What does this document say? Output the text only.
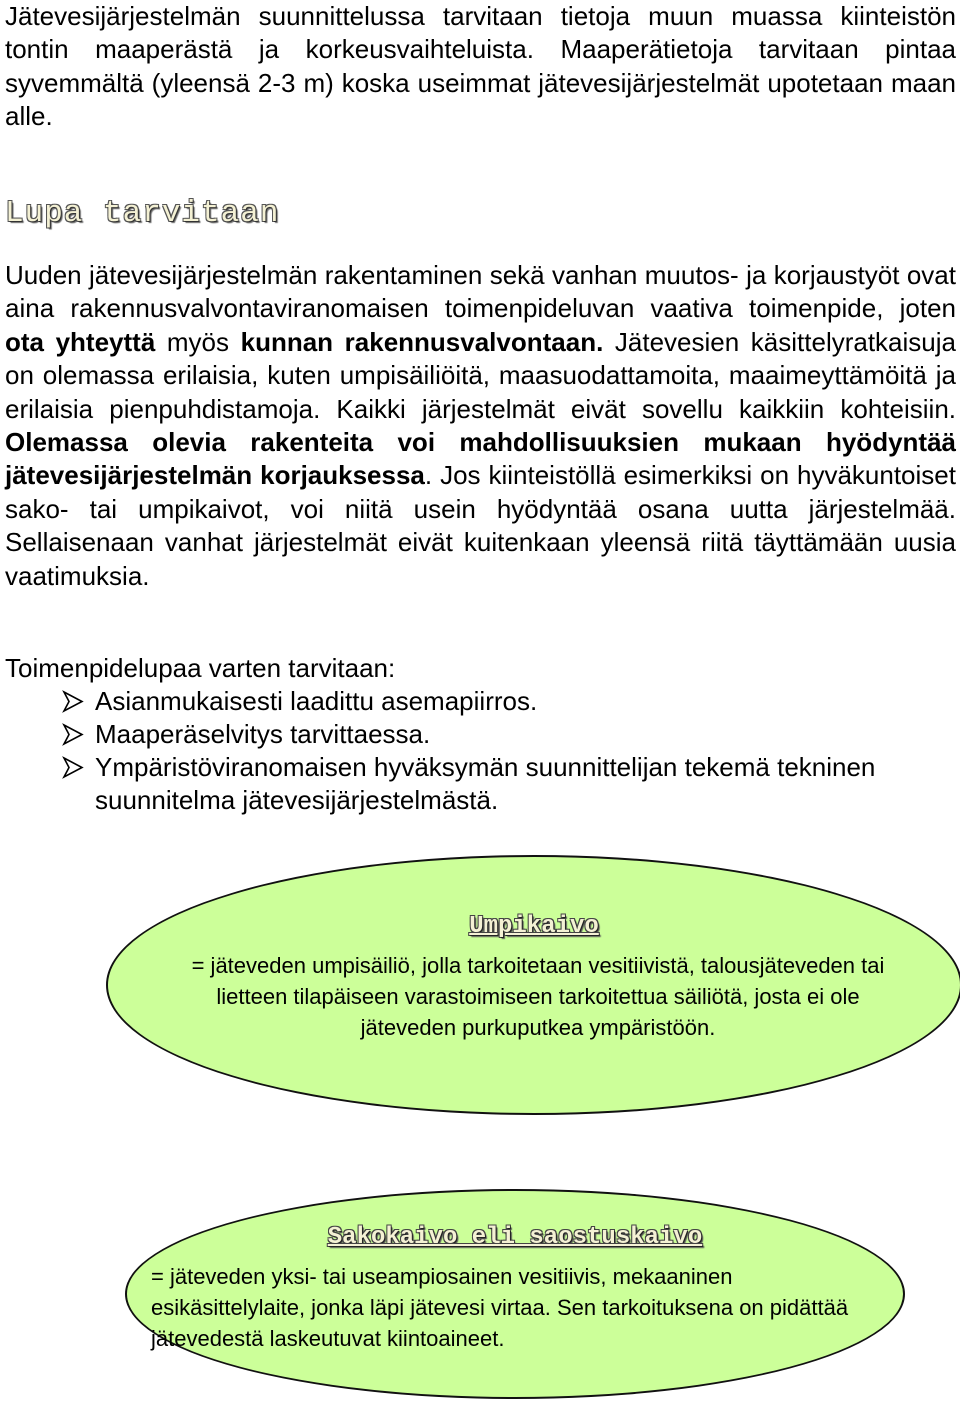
Jätevesijärjestelmän suunnittelussa tarvitaan tietoja muun muassa kiinteistön tontin maaperästä ja korkeusvaihteluista. Maaperätietoja tarvitaan pintaa syvemmältä (yleensä 2-3 m) koska useimmat jätevesijärjestelmät upotetaan maan alle.

Lupa tarvitaan

Uuden jätevesijärjestelmän rakentaminen sekä vanhan muutos- ja korjaustyöt ovat aina rakennusvalvontaviranomaisen toimenpideluvan vaativa toimenpide, joten ota yhteyttä myös kunnan rakennusvalvontaan. Jätevesien käsittelyratkaisuja on olemassa erilaisia, kuten umpisäiliöitä, maasuodattamoita, maaimeyttämöitä ja erilaisia pienpuhdistamoja. Kaikki järjestelmät eivät sovellu kaikkiin kohteisiin. Olemassa olevia rakenteita voi mahdollisuuksien mukaan hyödyntää jätevesijärjestelmän korjauksessa. Jos kiinteistöllä esimerkiksi on hyväkuntoiset sako- tai umpikaivot, voi niitä usein hyödyntää osana uutta järjestelmää. Sellaisenaan vanhat järjestelmät eivät kuitenkaan yleensä riitä täyttämään uusia vaatimuksia.

Toimenpidelupaa varten tarvitaan:

Asianmukaisesti laadittu asemapiirros.
Maaperäselvitys tarvittaessa.
Ympäristöviranomaisen hyväksymän suunnittelijan tekemä tekninen suunnitelma jätevesijärjestelmästä.
Umpikaivo

= jäteveden umpisäiliö, jolla tarkoitetaan vesitiivistä, talousjäteveden tai lietteen tilapäiseen varastoimiseen tarkoitettua säiliötä, josta ei ole jäteveden purkuputkea ympäristöön.

Sakokaivo eli saostuskaivo

= jäteveden yksi- tai useampiosainen vesitiivis, mekaaninen esikäsittelylaite, jonka läpi jätevesi virtaa. Sen tarkoituksena on pidättää jätevedestä laskeutuvat kiintoaineet.
